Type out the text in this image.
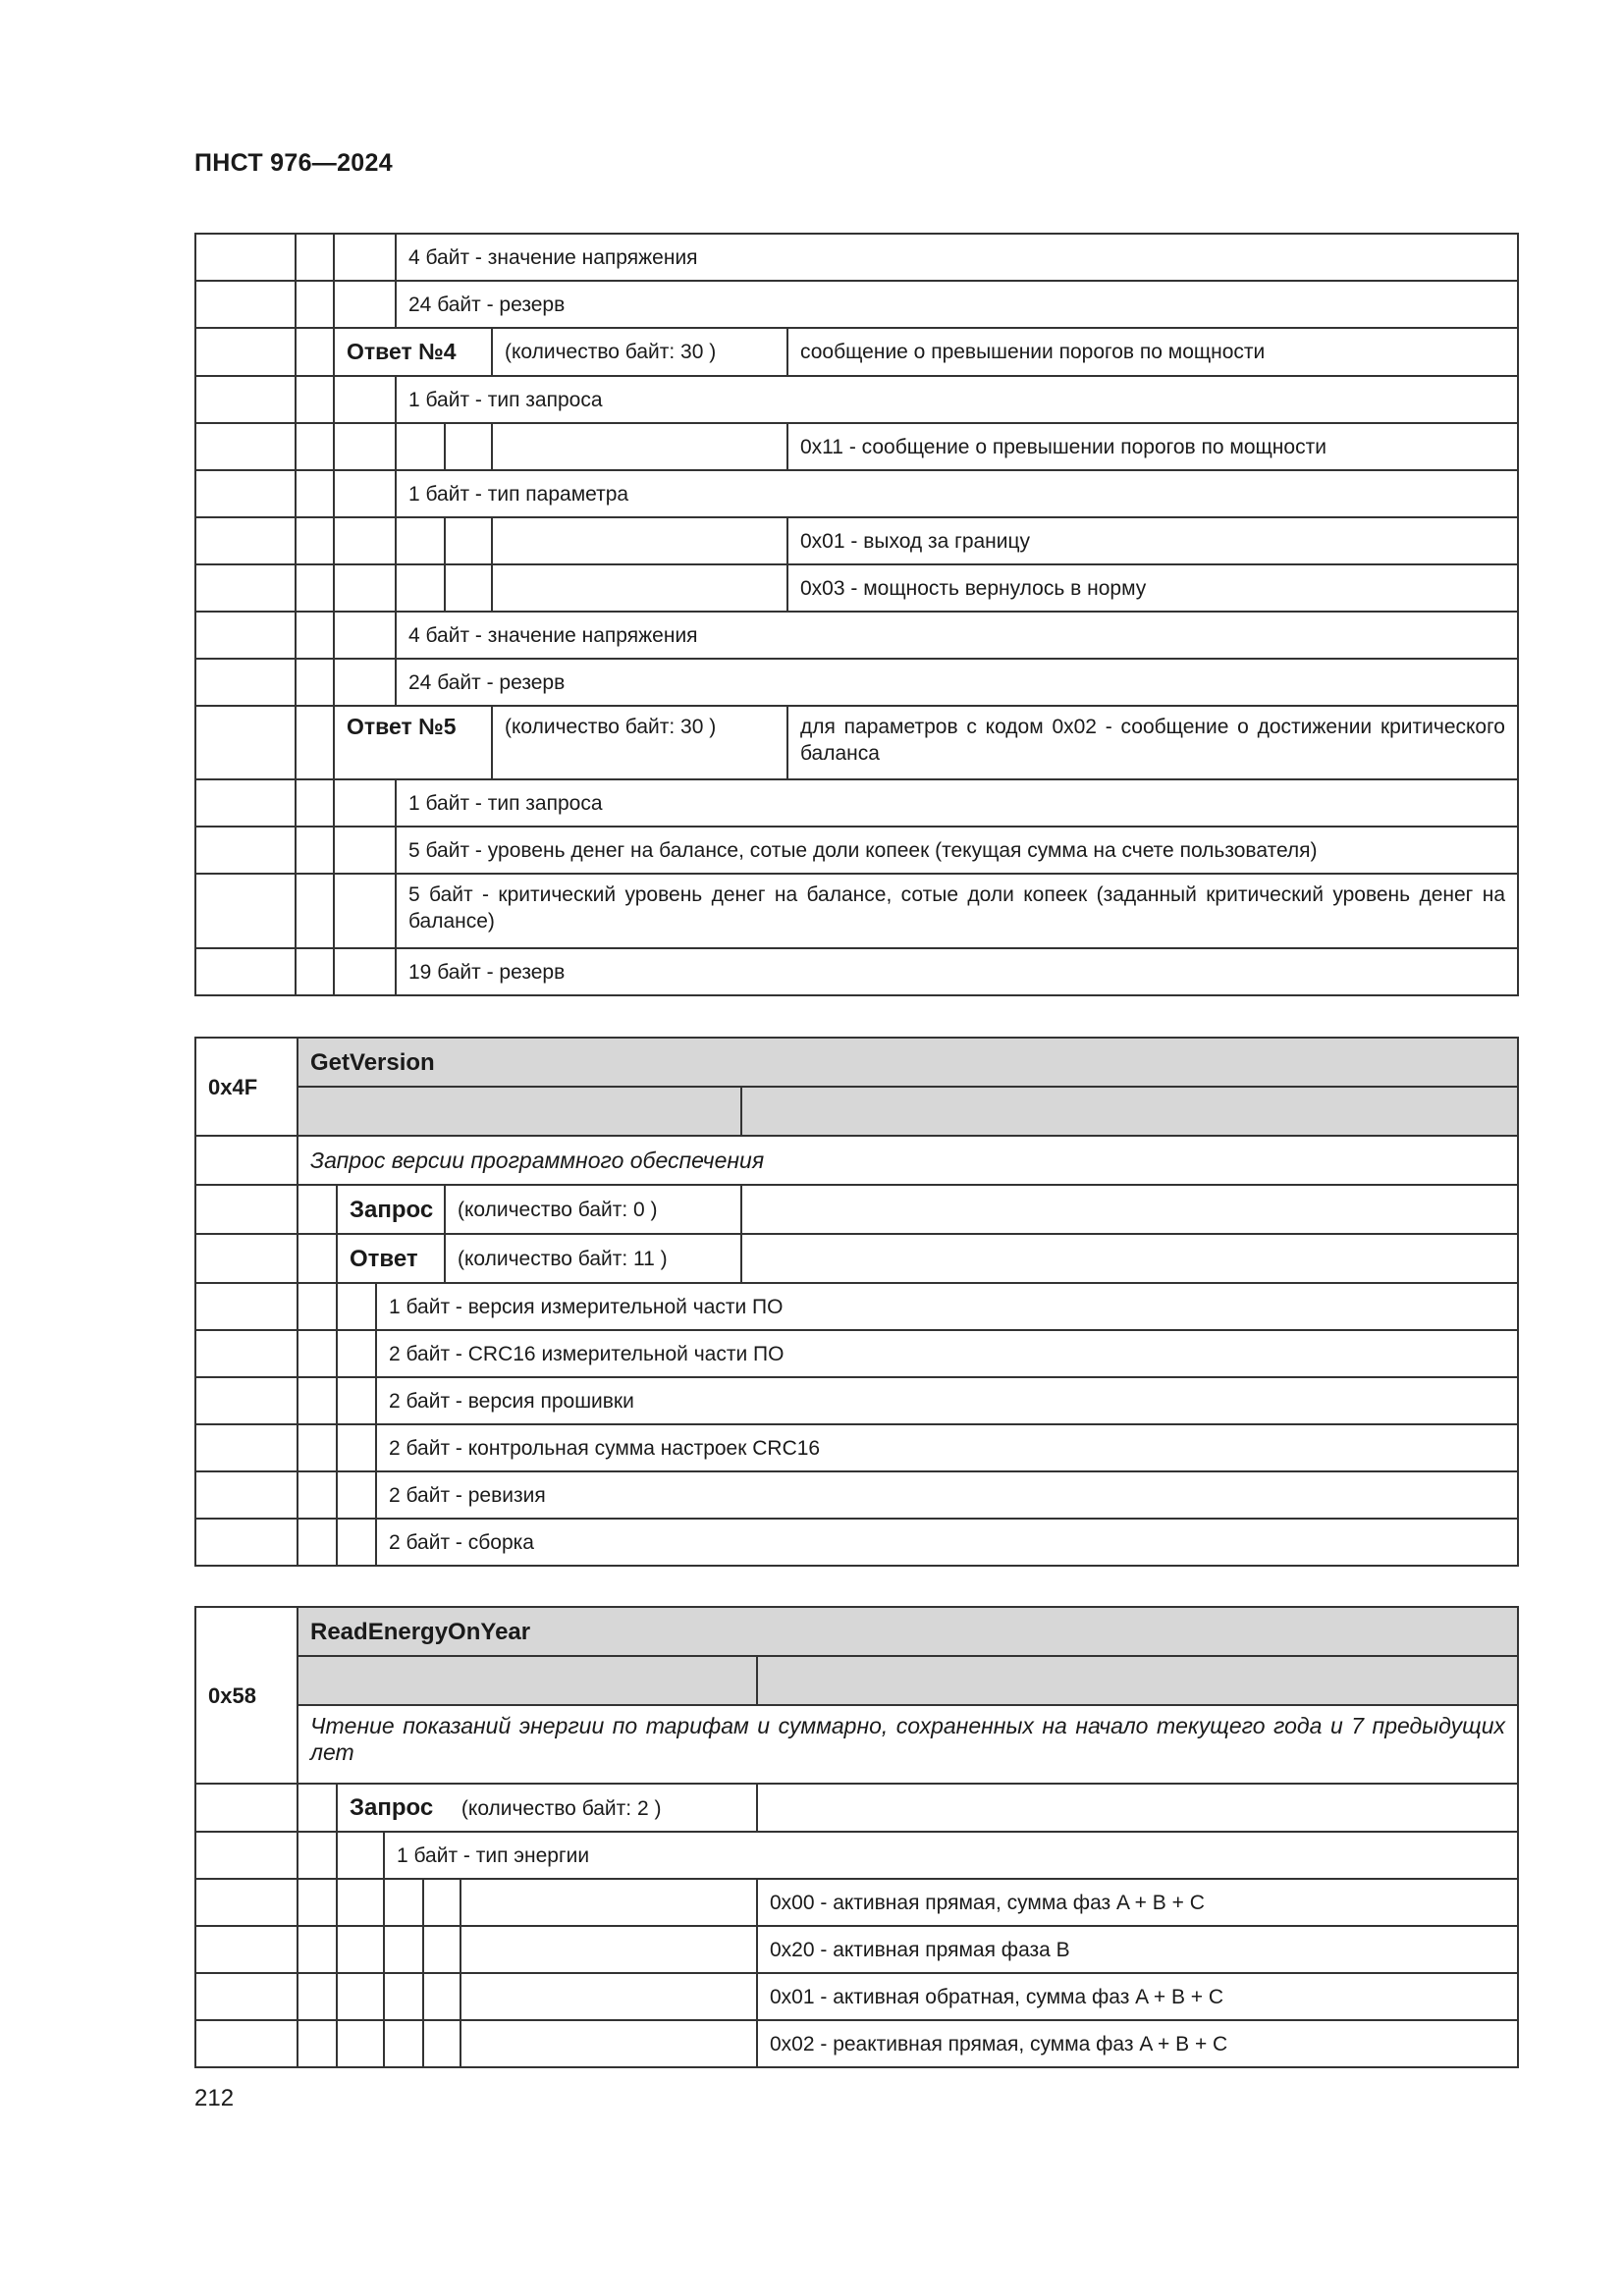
ПНСТ 976—2024
			4 байт - значение напряжения			
			24 байт - резерв			
		Ответ №4			(количество байт: 30 )	сообщение о превышении порогов по мощности
			1 байт - тип запроса			
						0x11 - сообщение о превышении порогов по мощности
			1 байт - тип параметра			
						0x01 - выход за границу
						0x03 - мощность вернулось в норму
			4 байт - значение напряжения			
			24 байт - резерв			
		Ответ №5			(количество байт: 30 )	для параметров с кодом 0x02 - сообщение о достижении критического баланса
			1 байт - тип запроса			
			5 байт - уровень денег на балансе, сотые доли копеек (текущая сумма на счете пользователя)			
			5 байт - критический уровень денег на балансе, сотые доли копеек (заданный критический уровень денег на балансе)			
			19 байт - резерв			
0x4F	GetVersion				

	Запрос версии программного обеспечения				
		Запрос		(количество байт: 0 )	
		Ответ		(количество байт: 11 )	
			1 байт - версия измерительной части ПО		
			2 байт - CRC16 измерительной части ПО		
			2 байт - версия прошивки		
			2 байт - контрольная сумма настроек CRC16		
			2 байт - ревизия		
			2 байт - сборка		
0x58	ReadEnergyOnYear					

	Чтение показаний энергии по тарифам и суммарно, сохраненных на начало текущего года и 7 предыдущих лет					
		Запрос (количество байт: 2 )				
			1 байт - тип энергии			
						0x00 - активная прямая, сумма фаз A + B + C
						0x20 - активная прямая фаза B
						0x01 - активная обратная, сумма фаз A + B + C
						0x02 - реактивная прямая, сумма фаз A + B + C
212
